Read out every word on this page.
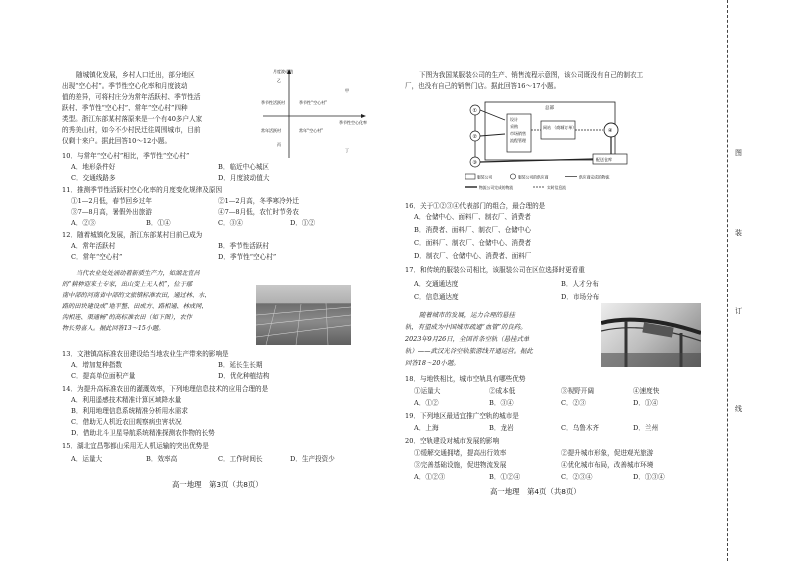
随城镇化发展，乡村人口迁出，部分地区
出现“空心村”。季节性空心化率和月度波动
值的差异，可将村庄分为常年活跃村、季节性活
跃村、季节性“空心村”、常年“空心村”四种
类型。浙江东部某村落原来是一个有40多户人家
的秀美山村，如今不少村民迁往周围城市，目前
仅剩十来户。据此回答10～12小题。
月度波动值
季节性空心化率
季节性“空心村”
季节性活跃村
常年活跃村	常年“空心村”
甲
乙
丙
丁
10．与常年“空心村”相比，季节性“空心村”
A．地形条件好	B．临近中心城区
C．交通线路多	D．月度波动值大
11．推测季节性活跃村空心化率的月度变化规律及原因
①1—2月低，春节回乡过年	②1—2月高，冬季寒冷外迁
③7—8月高，暑假外出旅游	④7—8月低，农忙时节务农
A．②③	B．①④	C．③④	D．①②
12．随着城镇化发展，浙江东部某村目前已成为
A．常年活跃村	B．季节性活跃村
C．常年“空心村”	D．季节性“空心村”
当代农业处处涌动着新质生产力，如湖北宜昌
的“耕种迎来土专家，出山变上无人机”，位于鄢
南中部的河南省中部的文旅镇标准农田，通过林、水、
路的田块建设成“地平整、田成方、路相通、林成网、
沟相连、渠通畅”的高标准农田（如下图），农作
物长势喜人。据此回答13～15小题。
13．文港镇高标准农田建设给当地农业生产带来的影响是
A．增加复种指数	B．延长生长期
C．提高单位面积产量	D．优化种植结构
14．为提升高标准农田的灌溉效率，下列地理信息技术的应用合理的是
A．利用遥感技术精准计算区域降水量
B．利用地理信息系统精准分析用水需求
C．借助无人机近农田观察病虫害状况
D．借助北斗卫星导航系统精准探测农作物的长势
15．湖北宜昌鄂都山采用无人机运输的突出优势是
A．运量大	B．效率高	C．工作时间长	D．生产投资少
高一地理　第3页（共8页）
下图为我国某服装公司的生产、销售流程示意图，该公司既没有自己的制衣工
厂，也没有自己的销售门店。据此回答16～17小题。
总部
设计
采购
市场销售
流程管理
网站 （商城订单）
①
②
③
④
配送仓库
服装公司	服装公司的供应商	供应商完成的物流
物流公司完成的物流	实时信息流
16．关于①②③④代表部门的组合，最合理的是
A．仓储中心、面料厂、制衣厂、消费者
B．消费者、面料厂、制衣厂、仓储中心
C．面料厂、制衣厂、仓储中心、消费者
D．制衣厂、仓储中心、消费者、面料厂
17．和传统的服装公司相比，该服装公司在区位选择时更看重
A．交通通达度	B．人才分布
C．信息通达度	D．市场分布
随着城市的发展，运力合理的悬挂
轨，有望成为中国城市疏通“血管”的良药。
2023年9月26日，全国首条空轨（悬挂式单
轨）——武汉光谷空轨旅游线开通运营。据此
回答18～20小题。
18．与地铁相比，城市空轨具有哪些优势
①运量大	②成本低	③视野开阔	④速度快
A．①②	B．③④	C．②③	D．①④
19．下列地区最适宜推广空轨的城市是
A．上海	B．龙岩	C．乌鲁木齐	D．兰州
20．空轨建设对城市发展的影响
①缓解交通拥堵，提高出行效率	②提升城市形象，促进观光旅游
③完善基础设施，促进物流发展	④优化城市布局，改善城市环境
A．①②③	B．①②④	C．②③④	D．①③④
高一地理　第4页（共8页）
图
装
订
线
